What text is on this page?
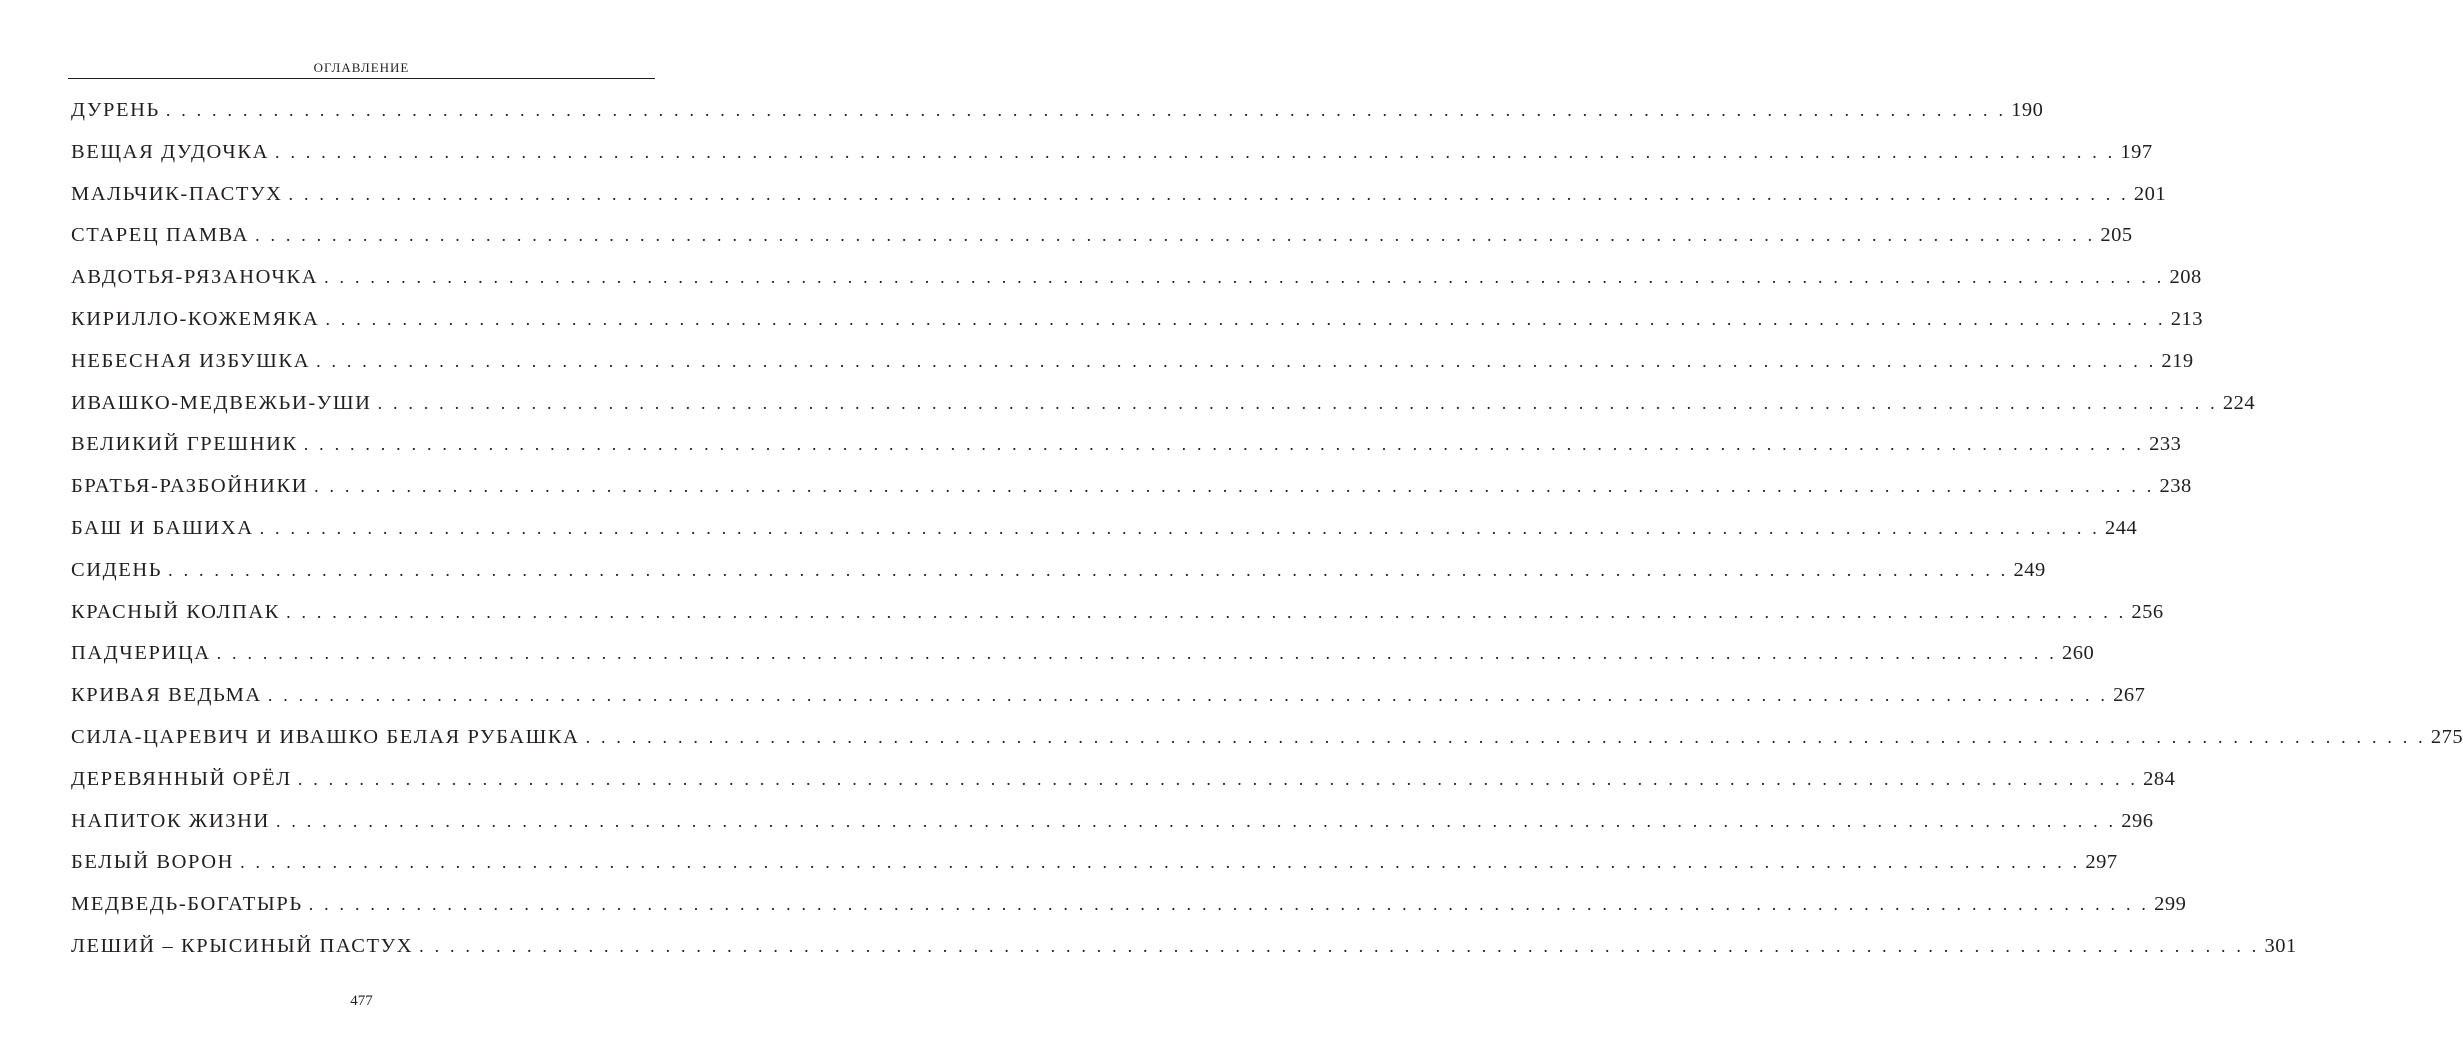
ОГЛАВЛЕНИЕ
ДУРЕНЬ . . . . . . . . . . . . . . . . . . . . . . . . . . . . . . . . . . . . . . . . . . . . . . . . . . . . . . . . . . . . . . . . . . . . . . . . . . . . . . . . . . . . . . . . . . . . . . . . . . . . . . . . . . . . . . . . . . . . . . . . 190
ВЕЩАЯ ДУДОЧКА . . . . . . . . . . . . . . . . . . . . . . . . . . . . . . . . . . . . . . . . . . . . . . . . . . . . . . . . . . . . . . . . . . . . . . . . . . . . . . . . . . . . . . . . . . . . . . . . . . . . . . . . . . . . . . . . . . . . . . . . 197
МАЛЬЧИК-ПАСТУХ . . . . . . . . . . . . . . . . . . . . . . . . . . . . . . . . . . . . . . . . . . . . . . . . . . . . . . . . . . . . . . . . . . . . . . . . . . . . . . . . . . . . . . . . . . . . . . . . . . . . . . . . . . . . . . . . . . . . . . . . 201
СТАРЕЦ ПАМВА . . . . . . . . . . . . . . . . . . . . . . . . . . . . . . . . . . . . . . . . . . . . . . . . . . . . . . . . . . . . . . . . . . . . . . . . . . . . . . . . . . . . . . . . . . . . . . . . . . . . . . . . . . . . . . . . . . . . . . . . 205
АВДОТЬЯ-РЯЗАНОЧКА . . . . . . . . . . . . . . . . . . . . . . . . . . . . . . . . . . . . . . . . . . . . . . . . . . . . . . . . . . . . . . . . . . . . . . . . . . . . . . . . . . . . . . . . . . . . . . . . . . . . . . . . . . . . . . . . . . . . . . . . 208
КИРИЛЛО-КОЖЕМЯКА . . . . . . . . . . . . . . . . . . . . . . . . . . . . . . . . . . . . . . . . . . . . . . . . . . . . . . . . . . . . . . . . . . . . . . . . . . . . . . . . . . . . . . . . . . . . . . . . . . . . . . . . . . . . . . . . . . . . . . . . 213
НЕБЕСНАЯ ИЗБУШКА . . . . . . . . . . . . . . . . . . . . . . . . . . . . . . . . . . . . . . . . . . . . . . . . . . . . . . . . . . . . . . . . . . . . . . . . . . . . . . . . . . . . . . . . . . . . . . . . . . . . . . . . . . . . . . . . . . . . . . . . 219
ИВАШКО-МЕДВЕЖЬИ-УШИ . . . . . . . . . . . . . . . . . . . . . . . . . . . . . . . . . . . . . . . . . . . . . . . . . . . . . . . . . . . . . . . . . . . . . . . . . . . . . . . . . . . . . . . . . . . . . . . . . . . . . . . . . . . . . . . . . . . . . . . . 224
ВЕЛИКИЙ ГРЕШНИК . . . . . . . . . . . . . . . . . . . . . . . . . . . . . . . . . . . . . . . . . . . . . . . . . . . . . . . . . . . . . . . . . . . . . . . . . . . . . . . . . . . . . . . . . . . . . . . . . . . . . . . . . . . . . . . . . . . . . . . . 233
БРАТЬЯ-РАЗБОЙНИКИ . . . . . . . . . . . . . . . . . . . . . . . . . . . . . . . . . . . . . . . . . . . . . . . . . . . . . . . . . . . . . . . . . . . . . . . . . . . . . . . . . . . . . . . . . . . . . . . . . . . . . . . . . . . . . . . . . . . . . . . . 238
БАШ И БАШИХА . . . . . . . . . . . . . . . . . . . . . . . . . . . . . . . . . . . . . . . . . . . . . . . . . . . . . . . . . . . . . . . . . . . . . . . . . . . . . . . . . . . . . . . . . . . . . . . . . . . . . . . . . . . . . . . . . . . . . . . . 244
СИДЕНЬ . . . . . . . . . . . . . . . . . . . . . . . . . . . . . . . . . . . . . . . . . . . . . . . . . . . . . . . . . . . . . . . . . . . . . . . . . . . . . . . . . . . . . . . . . . . . . . . . . . . . . . . . . . . . . . . . . . . . . . . . 249
КРАСНЫЙ КОЛПАК . . . . . . . . . . . . . . . . . . . . . . . . . . . . . . . . . . . . . . . . . . . . . . . . . . . . . . . . . . . . . . . . . . . . . . . . . . . . . . . . . . . . . . . . . . . . . . . . . . . . . . . . . . . . . . . . . . . . . . . . 256
ПАДЧЕРИЦА . . . . . . . . . . . . . . . . . . . . . . . . . . . . . . . . . . . . . . . . . . . . . . . . . . . . . . . . . . . . . . . . . . . . . . . . . . . . . . . . . . . . . . . . . . . . . . . . . . . . . . . . . . . . . . . . . . . . . . . . 260
КРИВАЯ ВЕДЬМА . . . . . . . . . . . . . . . . . . . . . . . . . . . . . . . . . . . . . . . . . . . . . . . . . . . . . . . . . . . . . . . . . . . . . . . . . . . . . . . . . . . . . . . . . . . . . . . . . . . . . . . . . . . . . . . . . . . . . . . . 267
СИЛА-ЦАРЕВИЧ И ИВАШКО БЕЛАЯ РУБАШКА . . . . . . . . . . . . . . . . . . . . . . . . . . . . . . . . . . . . . . . . . . . . . . . . . . . . . . . . . . . . . . . . . . . . . . . . . . . . . . . . . . . . . . . . . . . . . . . . . . . . . . . . . . . . . . . . . . . . . . . . 275
ДЕРЕВЯННЫЙ ОРЁЛ . . . . . . . . . . . . . . . . . . . . . . . . . . . . . . . . . . . . . . . . . . . . . . . . . . . . . . . . . . . . . . . . . . . . . . . . . . . . . . . . . . . . . . . . . . . . . . . . . . . . . . . . . . . . . . . . . . . . . . . . 284
НАПИТОК ЖИЗНИ . . . . . . . . . . . . . . . . . . . . . . . . . . . . . . . . . . . . . . . . . . . . . . . . . . . . . . . . . . . . . . . . . . . . . . . . . . . . . . . . . . . . . . . . . . . . . . . . . . . . . . . . . . . . . . . . . . . . . . . . 296
БЕЛЫЙ ВОРОН . . . . . . . . . . . . . . . . . . . . . . . . . . . . . . . . . . . . . . . . . . . . . . . . . . . . . . . . . . . . . . . . . . . . . . . . . . . . . . . . . . . . . . . . . . . . . . . . . . . . . . . . . . . . . . . . . . . . . . . . 297
МЕДВЕДЬ-БОГАТЫРЬ . . . . . . . . . . . . . . . . . . . . . . . . . . . . . . . . . . . . . . . . . . . . . . . . . . . . . . . . . . . . . . . . . . . . . . . . . . . . . . . . . . . . . . . . . . . . . . . . . . . . . . . . . . . . . . . . . . . . . . . . 299
ЛЕШИЙ – КРЫСИНЫЙ ПАСТУХ . . . . . . . . . . . . . . . . . . . . . . . . . . . . . . . . . . . . . . . . . . . . . . . . . . . . . . . . . . . . . . . . . . . . . . . . . . . . . . . . . . . . . . . . . . . . . . . . . . . . . . . . . . . . . . . . . . . . . . . . 301
477
